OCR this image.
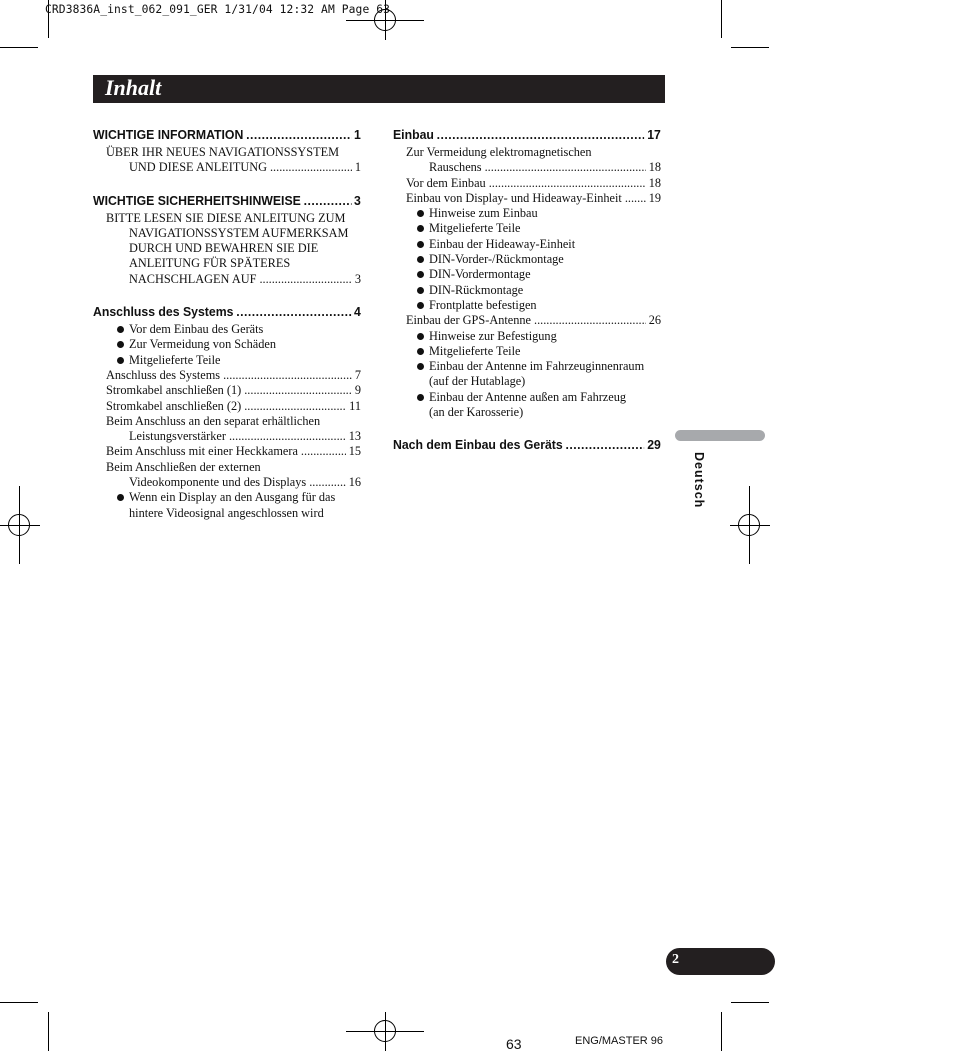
CRD3836A_inst_062_091_GER 1/31/04 12:32 AM Page 63
Inhalt
WICHTIGE INFORMATION .....	1
ÜBER IHR NEUES NAVIGATIONSSYSTEM
UND DIESE ANLEITUNG .....	1
WICHTIGE SICHERHEITSHINWEISE .....	3
BITTE LESEN SIE DIESE ANLEITUNG ZUM
NAVIGATIONSSYSTEM AUFMERKSAM
DURCH UND BEWAHREN SIE DIE
ANLEITUNG FÜR SPÄTERES
NACHSCHLAGEN AUF .....	3
Anschluss des Systems .....	4
Vor dem Einbau des Geräts
Zur Vermeidung von Schäden
Mitgelieferte Teile
Anschluss des Systems .....	7
Stromkabel anschließen (1) .....	9
Stromkabel anschließen (2) .....	11
Beim Anschluss an den separat erhältlichen
Leistungsverstärker .....	13
Beim Anschluss mit einer Heckkamera .....	15
Beim Anschließen der externen
Videokomponente und des Displays .....	16
Wenn ein Display an den Ausgang für das
hintere Videosignal angeschlossen wird
Einbau .....	17
Zur Vermeidung elektromagnetischen
Rauschens .....	18
Vor dem Einbau .....	18
Einbau von Display- und Hideaway-Einheit ..... 19
Hinweise zum Einbau
Mitgelieferte Teile
Einbau der Hideaway-Einheit
DIN-Vorder-/Rückmontage
DIN-Vordermontage
DIN-Rückmontage
Frontplatte befestigen
Einbau der GPS-Antenne .....	26
Hinweise zur Befestigung
Mitgelieferte Teile
Einbau der Antenne im Fahrzeuginnenraum
(auf der Hutablage)
Einbau der Antenne außen am Fahrzeug
(an der Karosserie)
Nach dem Einbau des Geräts .....	29
Deutsch
2
63	ENG/MASTER 96
